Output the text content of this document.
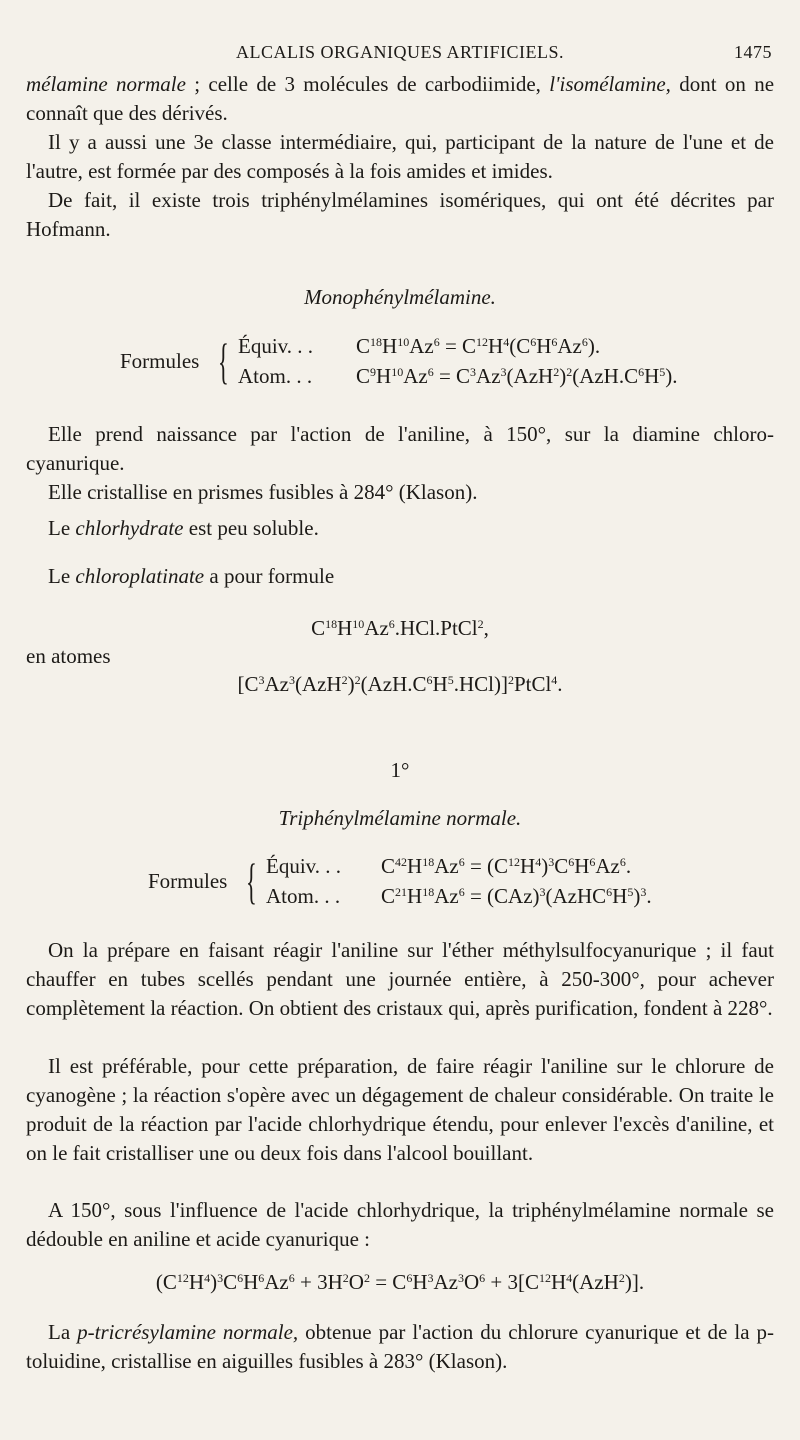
ALCALIS ORGANIQUES ARTIFICIELS.	1475
mélamine normale ; celle de 3 molécules de carbodiimide, l'isomélamine, dont on ne connaît que des dérivés.
Il y a aussi une 3e classe intermédiaire, qui, participant de la nature de l'une et de l'autre, est formée par des composés à la fois amides et imides.
De fait, il existe trois triphénylmélamines isomériques, qui ont été décrites par Hofmann.
Monophénylmélamine.
Formules { Équiv. . . $C^{18}H^{10}Az^6 = C^{12}H^4(C^6H^6Az^6)$.
Atom. . . $C^9H^{10}Az^6 = C^3Az^3(AzH^2)^2(AzH.C^6H^5)$.
Elle prend naissance par l'action de l'aniline, à 150°, sur la diamine chloro-cyanurique.
Elle cristallise en prismes fusibles à 284° (Klason).
Le chlorhydrate est peu soluble.
Le chloroplatinate a pour formule
$C^{18}H^{10}Az^6.HCl.PtCl^2$,
en atomes
$[C^3Az^3(AzH^2)^2(AzH.C^6H^5.HCl)]^2PtCl^4$.
1°
Triphénylmélamine normale.
Formules { Équiv. . . $C^{42}H^{18}Az^6 = (C^{12}H^4)^3C^6H^6Az^6$.
Atom. . . $C^{21}H^{18}Az^6$ = $(CAz)^3(AzHC^6H^5)^3$.
On la prépare en faisant réagir l'aniline sur l'éther méthylsulfocyanurique ; il faut chauffer en tubes scellés pendant une journée entière, à 250-300°, pour achever complètement la réaction. On obtient des cristaux qui, après purification, fondent à 228°.
Il est préférable, pour cette préparation, de faire réagir l'aniline sur le chlorure de cyanogène ; la réaction s'opère avec un dégagement de chaleur considérable. On traite le produit de la réaction par l'acide chlorhydrique étendu, pour enlever l'excès d'aniline, et on le fait cristalliser une ou deux fois dans l'alcool bouillant.
A 150°, sous l'influence de l'acide chlorhydrique, la triphénylmélamine normale se dédouble en aniline et acide cyanurique :
$(C^{12}H^4)^3C^6H^6Az^6 + 3H^2O^2 = C^6H^3Az^3O^6 + 3[C^{12}H^4(AzH^2)]$.
La p-tricrésylamine normale, obtenue par l'action du chlorure cyanurique et de la p-toluidine, cristallise en aiguilles fusibles à 283° (Klason).
